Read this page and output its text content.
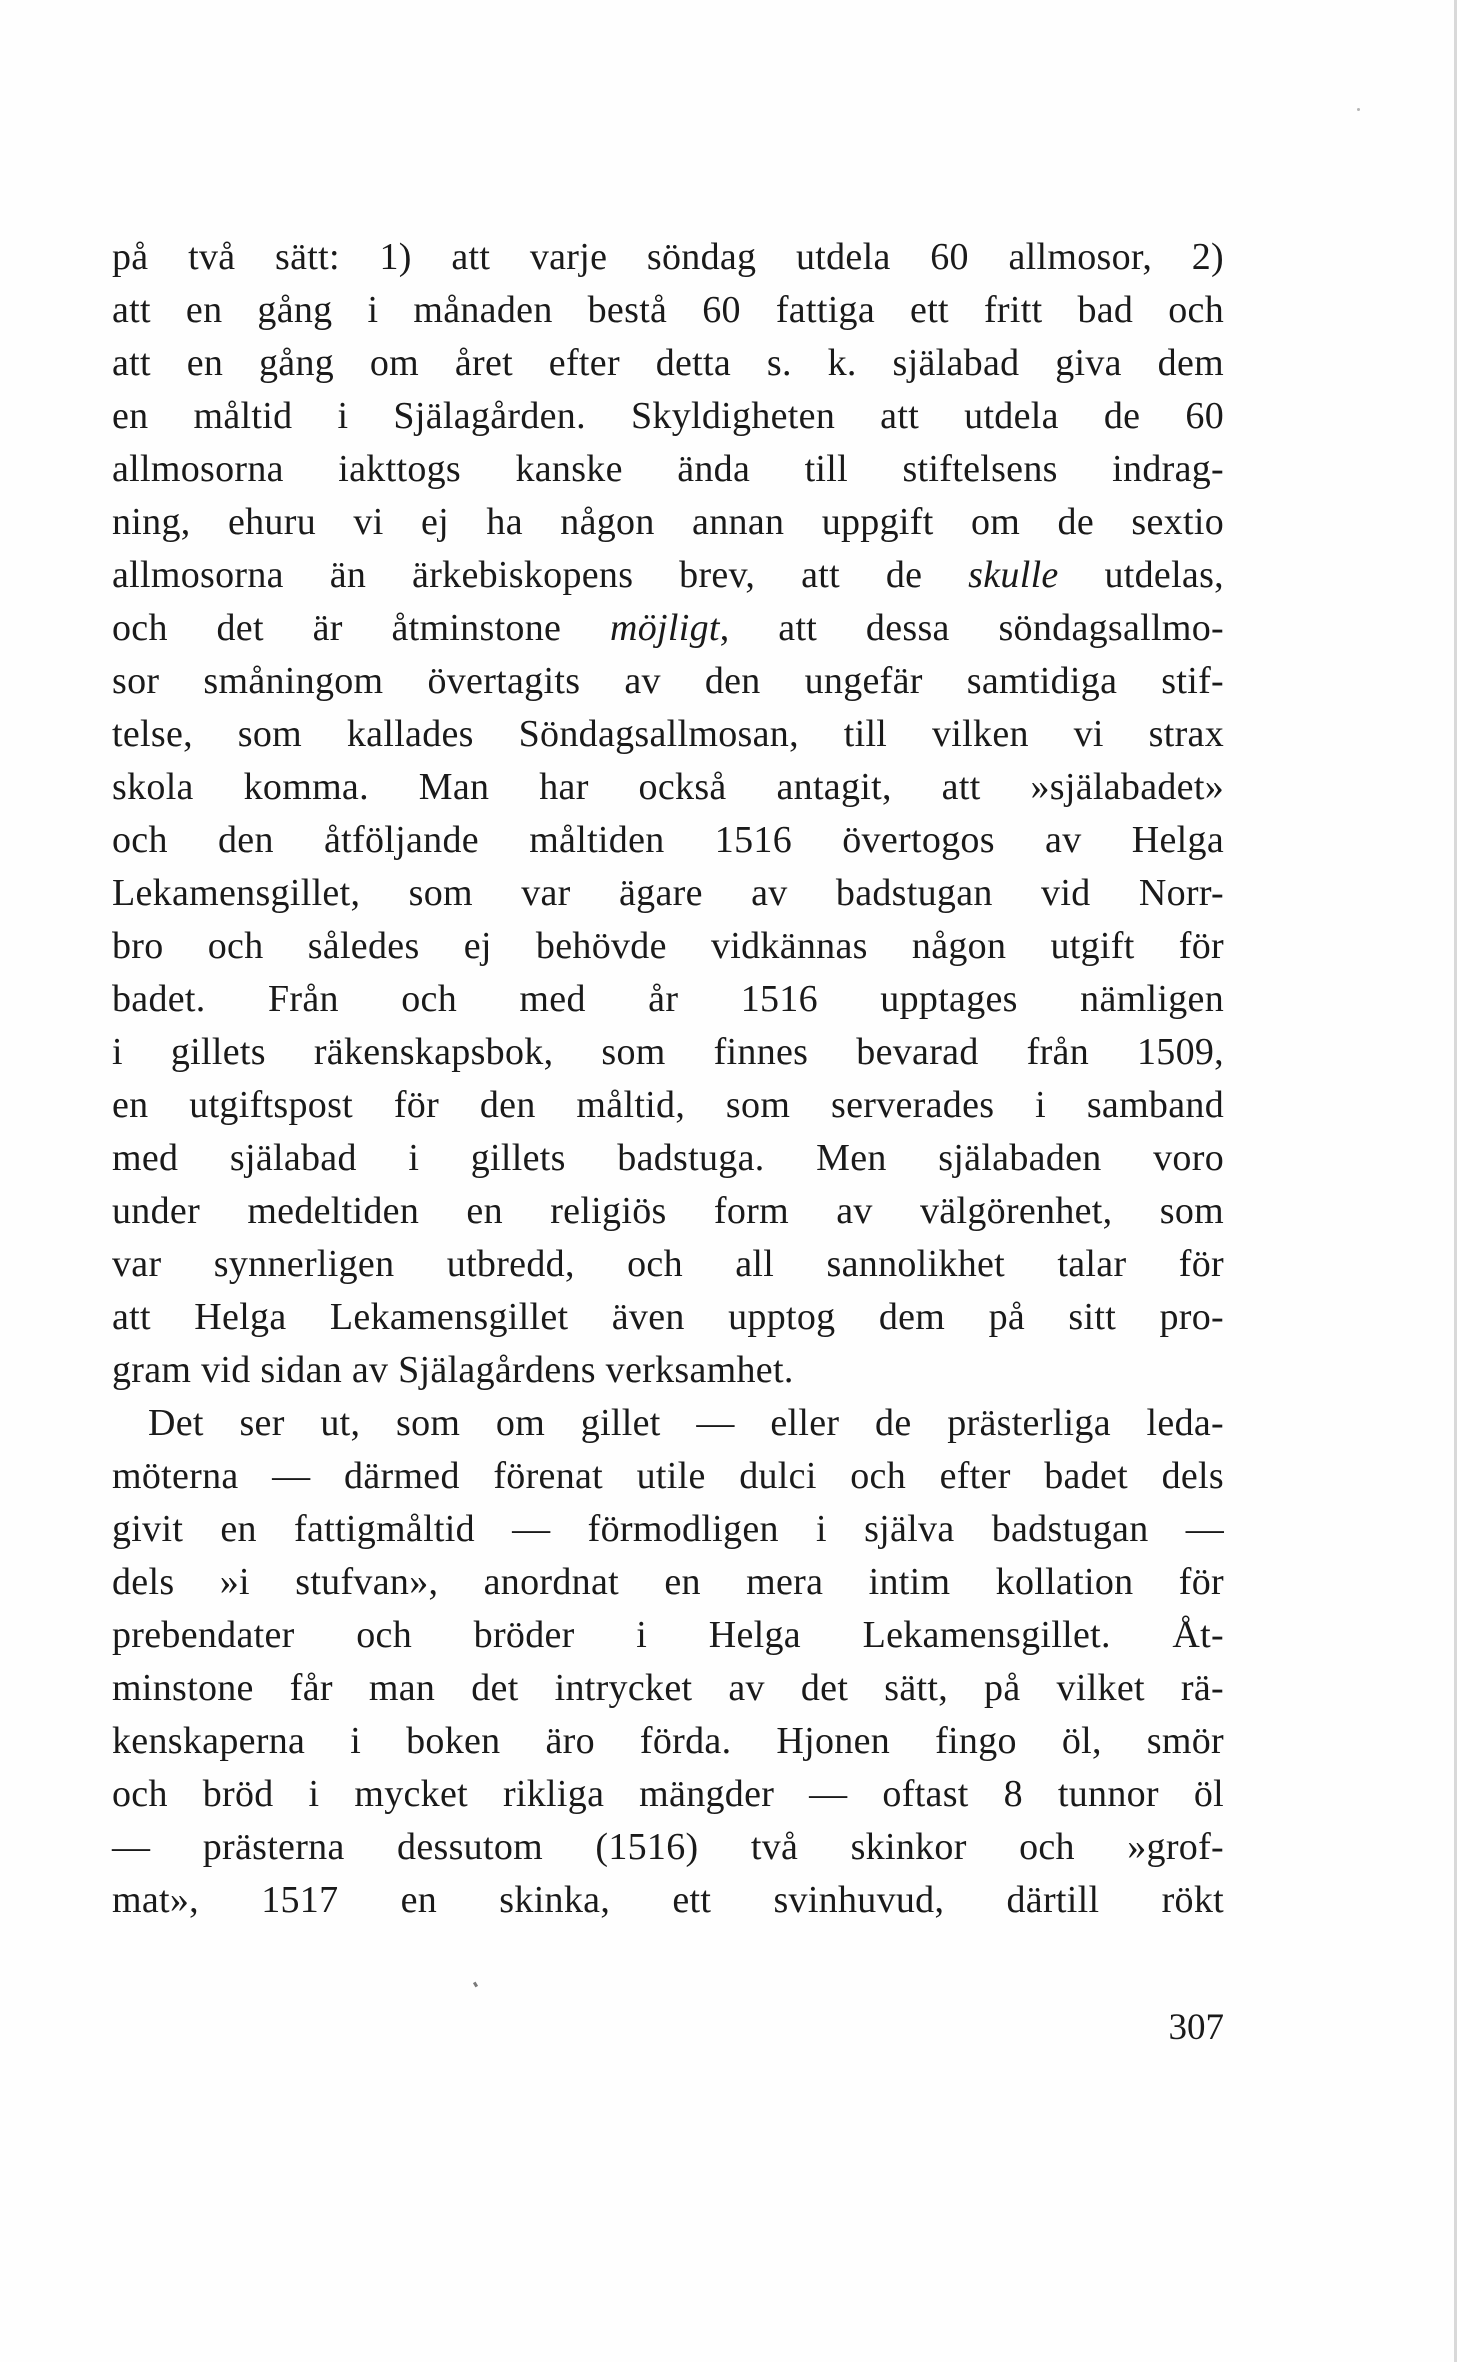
på två sätt: 1) att varje söndag utdela 60 allmosor, 2)
att en gång i månaden bestå 60 fattiga ett fritt bad och
att en gång om året efter detta s. k. själabad giva dem
en måltid i Själagården. Skyldigheten att utdela de 60
allmosorna iakttogs kanske ända till stiftelsens indrag-
ning, ehuru vi ej ha någon annan uppgift om de sextio
allmosorna än ärkebiskopens brev, att de skulle utdelas,
och det är åtminstone möjligt, att dessa söndagsallmo-
sor småningom övertagits av den ungefär samtidiga stif-
telse, som kallades Söndagsallmosan, till vilken vi strax
skola komma. Man har också antagit, att »själabadet»
och den åtföljande måltiden 1516 övertogos av Helga
Lekamensgillet, som var ägare av badstugan vid Norr-
bro och således ej behövde vidkännas någon utgift för
badet. Från och med år 1516 upptages nämligen
i gillets räkenskapsbok, som finnes bevarad från 1509,
en utgiftspost för den måltid, som serverades i samband
med själabad i gillets badstuga. Men själabaden voro
under medeltiden en religiös form av välgörenhet, som
var synnerligen utbredd, och all sannolikhet talar för
att Helga Lekamensgillet även upptog dem på sitt pro-
gram vid sidan av Själagårdens verksamhet.
Det ser ut, som om gillet — eller de prästerliga leda-
möterna — därmed förenat utile dulci och efter badet dels
givit en fattigmåltid — förmodligen i själva badstugan —
dels »i stufvan», anordnat en mera intim kollation för
prebendater och bröder i Helga Lekamensgillet. Åt-
minstone får man det intrycket av det sätt, på vilket rä-
kenskaperna i boken äro förda. Hjonen fingo öl, smör
och bröd i mycket rikliga mängder — oftast 8 tunnor öl
— prästerna dessutom (1516) två skinkor och »grof-
mat», 1517 en skinka, ett svinhuvud, därtill rökt
307
